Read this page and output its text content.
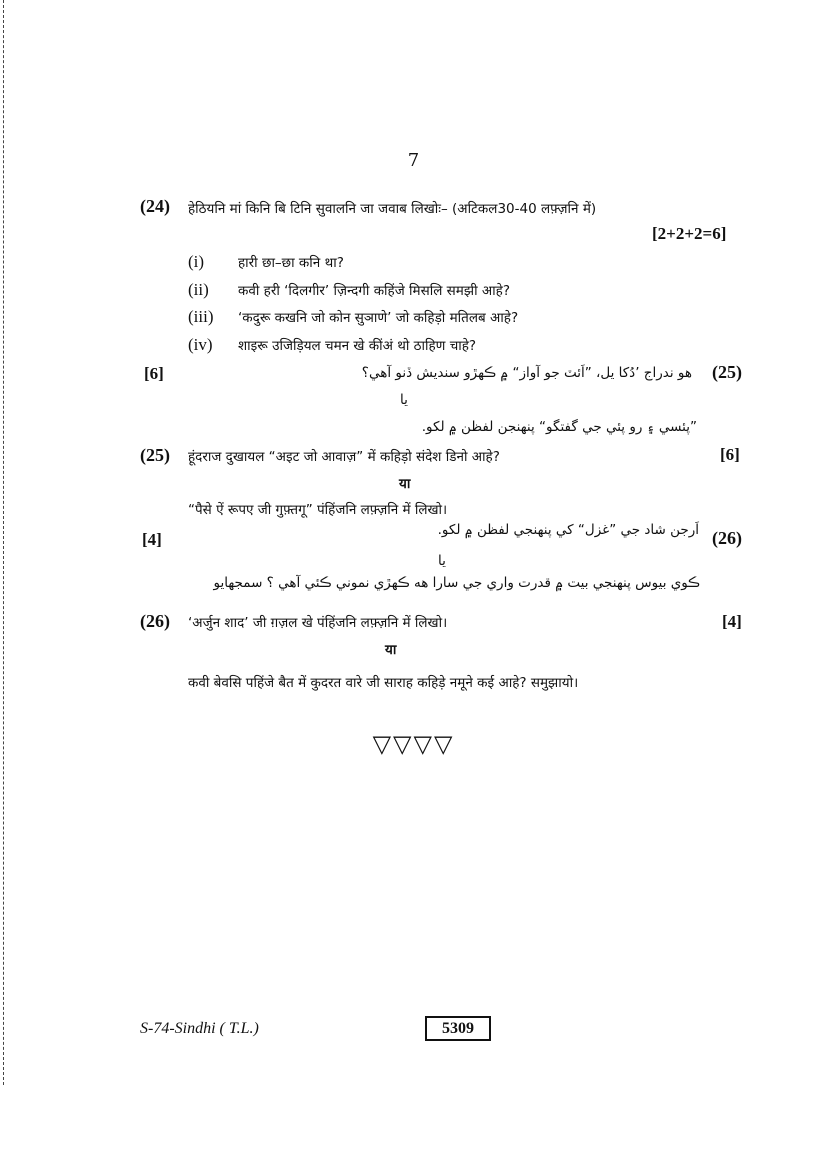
7
(24) हेठियनि मां किनि बि टिनि सुवालनि जा जवाब लिखोः– (अटिकल30-40 लफ़्ज़नि में)
[2+2+2=6]
(i)	हारी छा–छा कनि था?
(ii) कवी हरी ‘दिलगीर’ ज़िन्दगी कहिंजे मिसलि समझी आहे?
(iii) ‘कदुरू कखनि जो कोन सुञाणे’ जो कहिड़ो मतिलब आहे?
(iv) शाइरू उजिड़ियल चमन खे कींअं थो ठाहिण चाहे?
[6]	هو ندراج ’دُکا يل، ”اَئٽ جو آواز“ ۾ ڪهڙو سنديش ڏنو آهي؟ (25)
يا
”پئسي ۽ رو پئي جي گفتگو“ پنهنجن لفظن ۾ لکو.
(25) हूंदराज दुखायल “अइट जो आवाज़” में कहिड़ो संदेश डिनो आहे?	[6]
या
“पैसे ऐं रूपए जी गुफ़्तगू” पंहिंजनि लफ़्ज़नि में लिखो।
[4]	اَرجن شاد جي ”غزل“ کي پنهنجي لفظن ۾ لکو. (26)
يا
ڪوي بيوس پنهنجي بيت ۾ قدرت واري جي سارا هه ڪهڙي نموني ڪئي آهي ؟ سمجهايو
(26) ‘अर्जुन शाद’ जी ग़ज़ल खे पंहिंजनि लफ़्ज़नि में लिखो।	[4]
या
कवी बेवसि पहिंजे बैत में कुदरत वारे जी साराह कहिड़े नमूने कई आहे? समुझायो।
▽▽▽▽
S-74-Sindhi ( T.L.)	5309
